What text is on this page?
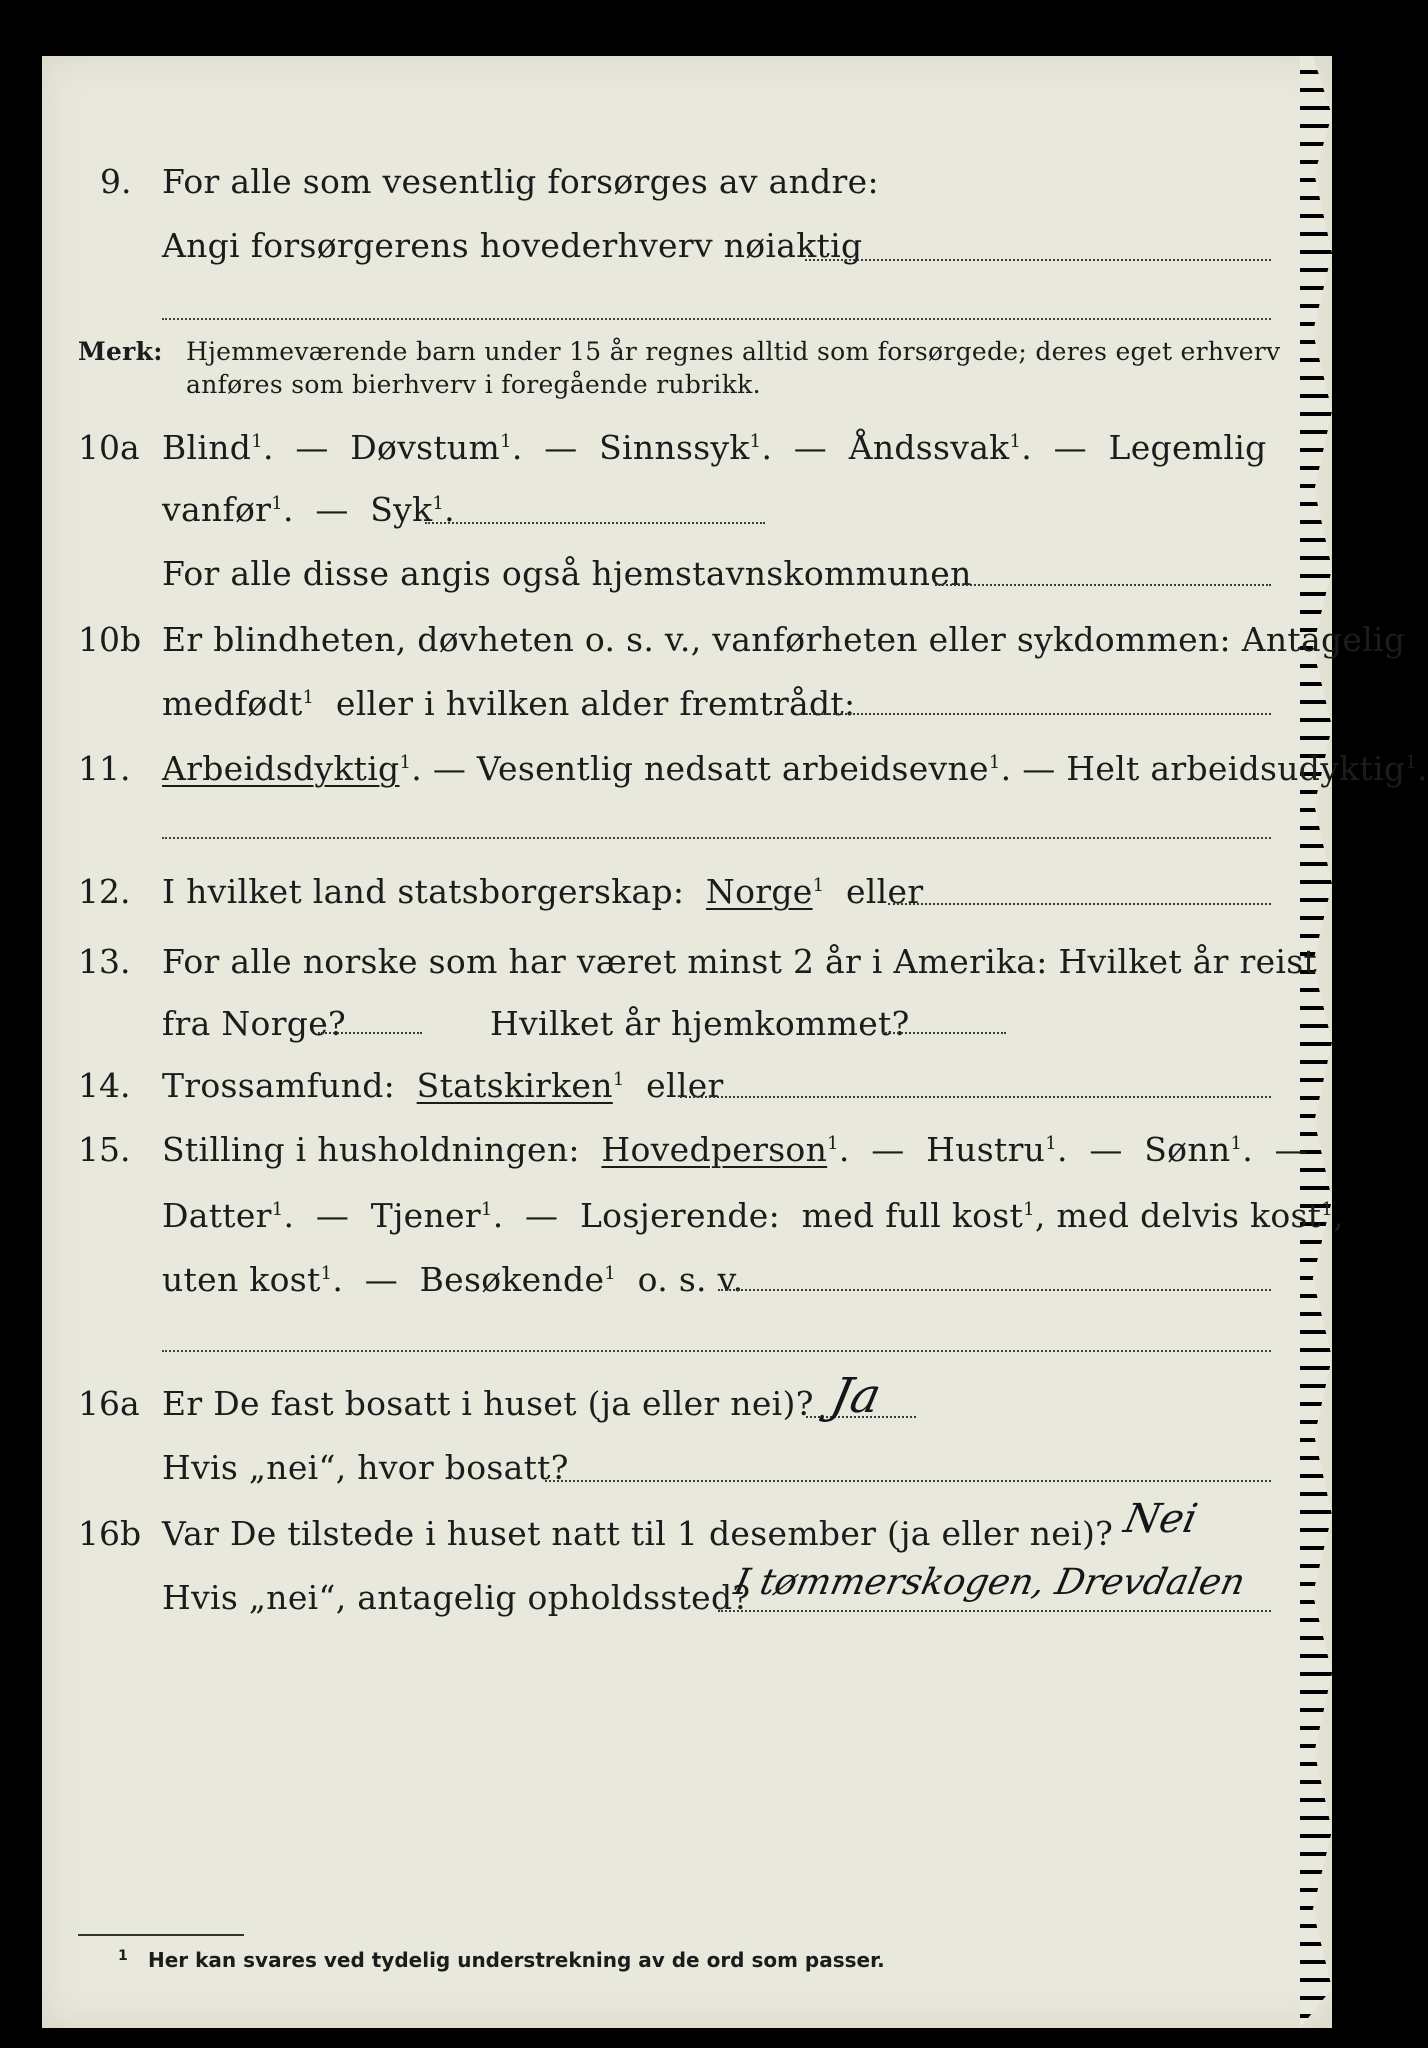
9. For alle som vesentlig forsørges av andre:
Angi forsørgerens hovederhverv nøiaktig
Merk: Hjemmeværende barn under 15 år regnes alltid som forsørgede; deres eget erhverv
anføres som bierhverv i foregående rubrikk.
10a Blind$^1$.  —  Døvstum$^1$.  —  Sinnssyk$^1$.  —  Åndssvak$^1$.  —  Legemlig
vanfør$^1$.  —  Syk$^1$.
For alle disse angis også hjemstavnskommunen
10b Er blindheten, døvheten o. s. v., vanførheten eller sykdommen: Antagelig
medfødt$^1$ eller i hvilken alder fremtrådt:
11. Arbeidsdyktig$^1$. — Vesentlig nedsatt arbeidsevne$^1$. — Helt arbeidsudyktig$^1$.
12. I hvilket land statsborgerskap: Norge$^1$ eller
13. For alle norske som har været minst 2 år i Amerika: Hvilket år reist
fra Norge?	Hvilket år hjemkommet?
14. Trossamfund: Statskirken$^1$ eller
15. Stilling i husholdningen: Hovedperson$^1$.  —  Hustru$^1$.  —  Sønn$^1$.  —
Datter$^1$.  —  Tjener$^1$.  —  Losjerende: med full kost$^1$, med delvis kost$^1$,
uten kost$^1$.  —  Besøkende$^1$ o. s. v.
16a Er De fast bosatt i huset (ja eller nei)? Ja
Hvis „nei“, hvor bosatt?
16b Var De tilstede i huset natt til 1 desember (ja eller nei)? Nei
Hvis „nei“, antagelig opholdssted?
I tømmerskogen, Drevdalen
1 Her kan svares ved tydelig understrekning av de ord som passer.
